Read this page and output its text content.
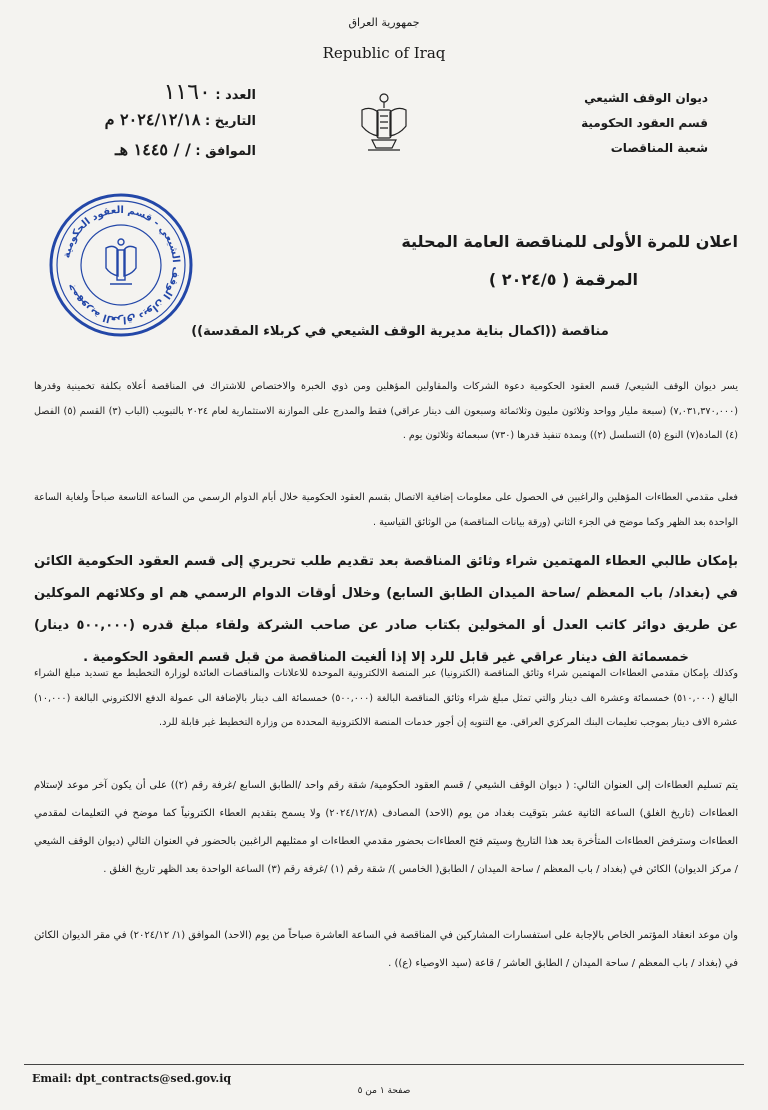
جمهورية العراق
Republic of Iraq
العدد : ١١٦٠
التاريخ : ٢٠٢٤/١٢/١٨ م
الموافق : / / ١٤٤٥ هـ
ديوان الوقف الشيعي
قسم العقود الحكومية
شعبة المناقصات
جمهورية العراق ديوان الوقف الشيعي - قسم العقود الحكومية
اعلان للمرة الأولى للمناقصة العامة المحلية
المرقمة ( ٢٠٢٤/٥ )
مناقصة ((اكمال بناية مديرية الوقف الشيعي في كربلاء المقدسة))
يسر ديوان الوقف الشيعي/ قسم العقود الحكومية دعوة الشركات والمقاولين المؤهلين ومن ذوي الخبرة والاختصاص للاشتراك في المناقصة أعلاه بكلفة تخمينية وقدرها (٧,٠٣١,٣٧٠,٠٠٠) (سبعة مليار وواحد وثلاثون مليون وثلاثمائة وسبعون الف دينار عراقي) فقط والمدرج على الموازنة الاستثمارية لعام ٢٠٢٤ بالتبويب (الباب (٣) القسم (٥) الفصل (٤) المادة(٧) النوع (٥) التسلسل (٢)) وبمدة تنفيذ قدرها (٧٣٠) سبعمائة وثلاثون يوم .
فعلى مقدمي العطاءات المؤهلين والراغبين في الحصول على معلومات إضافية الاتصال بقسم العقود الحكومية خلال أيام الدوام الرسمي من الساعة التاسعة صباحاً ولغاية الساعة الواحدة بعد الظهر وكما موضح في الجزء الثاني (ورقة بيانات المناقصة) من الوثائق القياسية .
بإمكان طالبي العطاء المهتمين شراء وثائق المناقصة بعد تقديم طلب تحريري إلى قسم العقود الحكومية الكائن في (بغداد/ باب المعظم /ساحة الميدان الطابق السابع) وخلال أوقات الدوام الرسمي هم او وكلائهم الموكلين عن طريق دوائر كاتب العدل أو المخولين بكتاب صادر عن صاحب الشركة ولقاء مبلغ قدره (٥٠٠,٠٠٠ دينار) خمسمائة الف دينار عراقي غير قابل للرد إلا إذا ألغيت المناقصة من قبل قسم العقود الحكومية .
وكذلك بإمكان مقدمي العطاءات المهتمين شراء وثائق المناقصة (الكترونيا) عبر المنصة الالكترونية الموحدة للاعلانات والمناقصات العائدة لوزارة التخطيط مع تسديد مبلغ الشراء البالغ (٥١٠,٠٠٠) خمسمائة وعشرة الف دينار والتي تمثل مبلغ شراء وثائق المناقصة البالغة (٥٠٠,٠٠٠) خمسمائة الف دينار بالإضافة الى عمولة الدفع الالكتروني البالغة (١٠,٠٠٠) عشرة الاف دينار بموجب تعليمات البنك المركزي العراقي. مع التنويه إن أجور خدمات المنصة الالكترونية المحددة من وزارة التخطيط غير قابلة للرد.
يتم تسليم العطاءات إلى العنوان التالي: ( ديوان الوقف الشيعي / قسم العقود الحكومية/ شقة رقم واحد /الطابق السابع /غرفة رقم (٢)) على أن يكون آخر موعد لإستلام العطاءات (تاريخ الغلق) الساعة الثانية عشر بتوقيت بغداد من يوم (الاحد) المصادف (٢٠٢٤/١٢/٨) ولا يسمح بتقديم العطاء الكترونياً كما موضح في التعليمات لمقدمي العطاءات وسترفض العطاءات المتأخرة بعد هذا التاريخ وسيتم فتح العطاءات بحضور مقدمي العطاءات او ممثليهم الراغبين بالحضور في العنوان التالي (ديوان الوقف الشيعي / مركز الديوان) الكائن في (بغداد / باب المعظم / ساحة الميدان / الطابق( الخامس )/ شقة رقم (١) /غرفة رقم (٣) الساعة الواحدة بعد الظهر تاريخ الغلق .
وان موعد انعقاد المؤتمر الخاص بالإجابة على استفسارات المشاركين في المناقصة في الساعة العاشرة صباحاً من يوم (الاحد) الموافق (١/ ٢٠٢٤/١٢) في مقر الديوان الكائن في (بغداد / باب المعظم / ساحة الميدان / الطابق العاشر / قاعة (سيد الاوصياء (ع)) .
Email: dpt_contracts@sed.gov.iq
صفحة ١ من ٥
